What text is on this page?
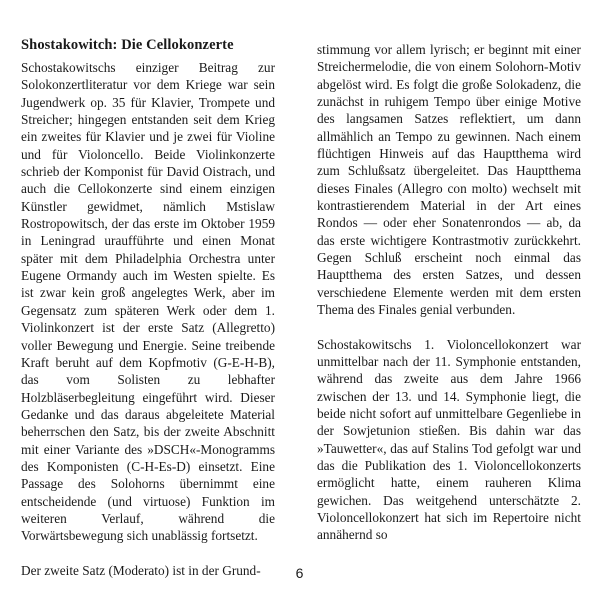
Shostakowitch: Die Cellokonzerte

Schostakowitschs einziger Beitrag zur Solokonzertliteratur vor dem Kriege war sein Jugendwerk op. 35 für Klavier, Trompete und Streicher; hingegen entstanden seit dem Krieg ein zweites für Klavier und je zwei für Violine und für Violoncello. Beide Violinkonzerte schrieb der Komponist für David Oistrach, und auch die Cellokonzerte sind einem einzigen Künstler gewidmet, nämlich Mstislaw Rostropowitsch, der das erste im Oktober 1959 in Leningrad uraufführte und einen Monat später mit dem Philadelphia Orchestra unter Eugene Ormandy auch im Westen spielte. Es ist zwar kein groß angelegtes Werk, aber im Gegensatz zum späteren Werk oder dem 1. Violinkonzert ist der erste Satz (Allegretto) voller Bewegung und Energie. Seine treibende Kraft beruht auf dem Kopfmotiv (G-E-H-B), das vom Solisten zu lebhafter Holzbläserbegleitung eingeführt wird. Dieser Gedanke und das daraus abgeleitete Material beherrschen den Satz, bis der zweite Abschnitt mit einer Variante des »DSCH«-Monogramms des Komponisten (C-H-Es-D) einsetzt. Eine Passage des Solohorns übernimmt eine entscheidende (und virtuose) Funktion im weiteren Verlauf, während die Vorwärtsbewegung sich unablässig fortsetzt.

Der zweite Satz (Moderato) ist in der Grund-

stimmung vor allem lyrisch; er beginnt mit einer Streichermelodie, die von einem Solohorn-Motiv abgelöst wird. Es folgt die große Solokadenz, die zunächst in ruhigem Tempo über einige Motive des langsamen Satzes reflektiert, um dann allmählich an Tempo zu gewinnen. Nach einem flüchtigen Hinweis auf das Hauptthema wird zum Schlußsatz übergeleitet. Das Hauptthema dieses Finales (Allegro con molto) wechselt mit kontrastierendem Material in der Art eines Rondos — oder eher Sonatenrondos — ab, da das erste wichtigere Kontrastmotiv zurückkehrt. Gegen Schluß erscheint noch einmal das Hauptthema des ersten Satzes, und dessen verschiedene Elemente werden mit dem ersten Thema des Finales genial verbunden.

Schostakowitschs 1. Violoncellokonzert war unmittelbar nach der 11. Symphonie entstanden, während das zweite aus dem Jahre 1966 zwischen der 13. und 14. Symphonie liegt, die beide nicht sofort auf unmittelbare Gegenliebe in der Sowjetunion stießen. Bis dahin war das »Tauwetter«, das auf Stalins Tod gefolgt war und das die Publikation des 1. Violoncellokonzerts ermöglicht hatte, einem rauheren Klima gewichen. Das weitgehend unterschätzte 2. Violoncellokonzert hat sich im Repertoire nicht annähernd so

6
